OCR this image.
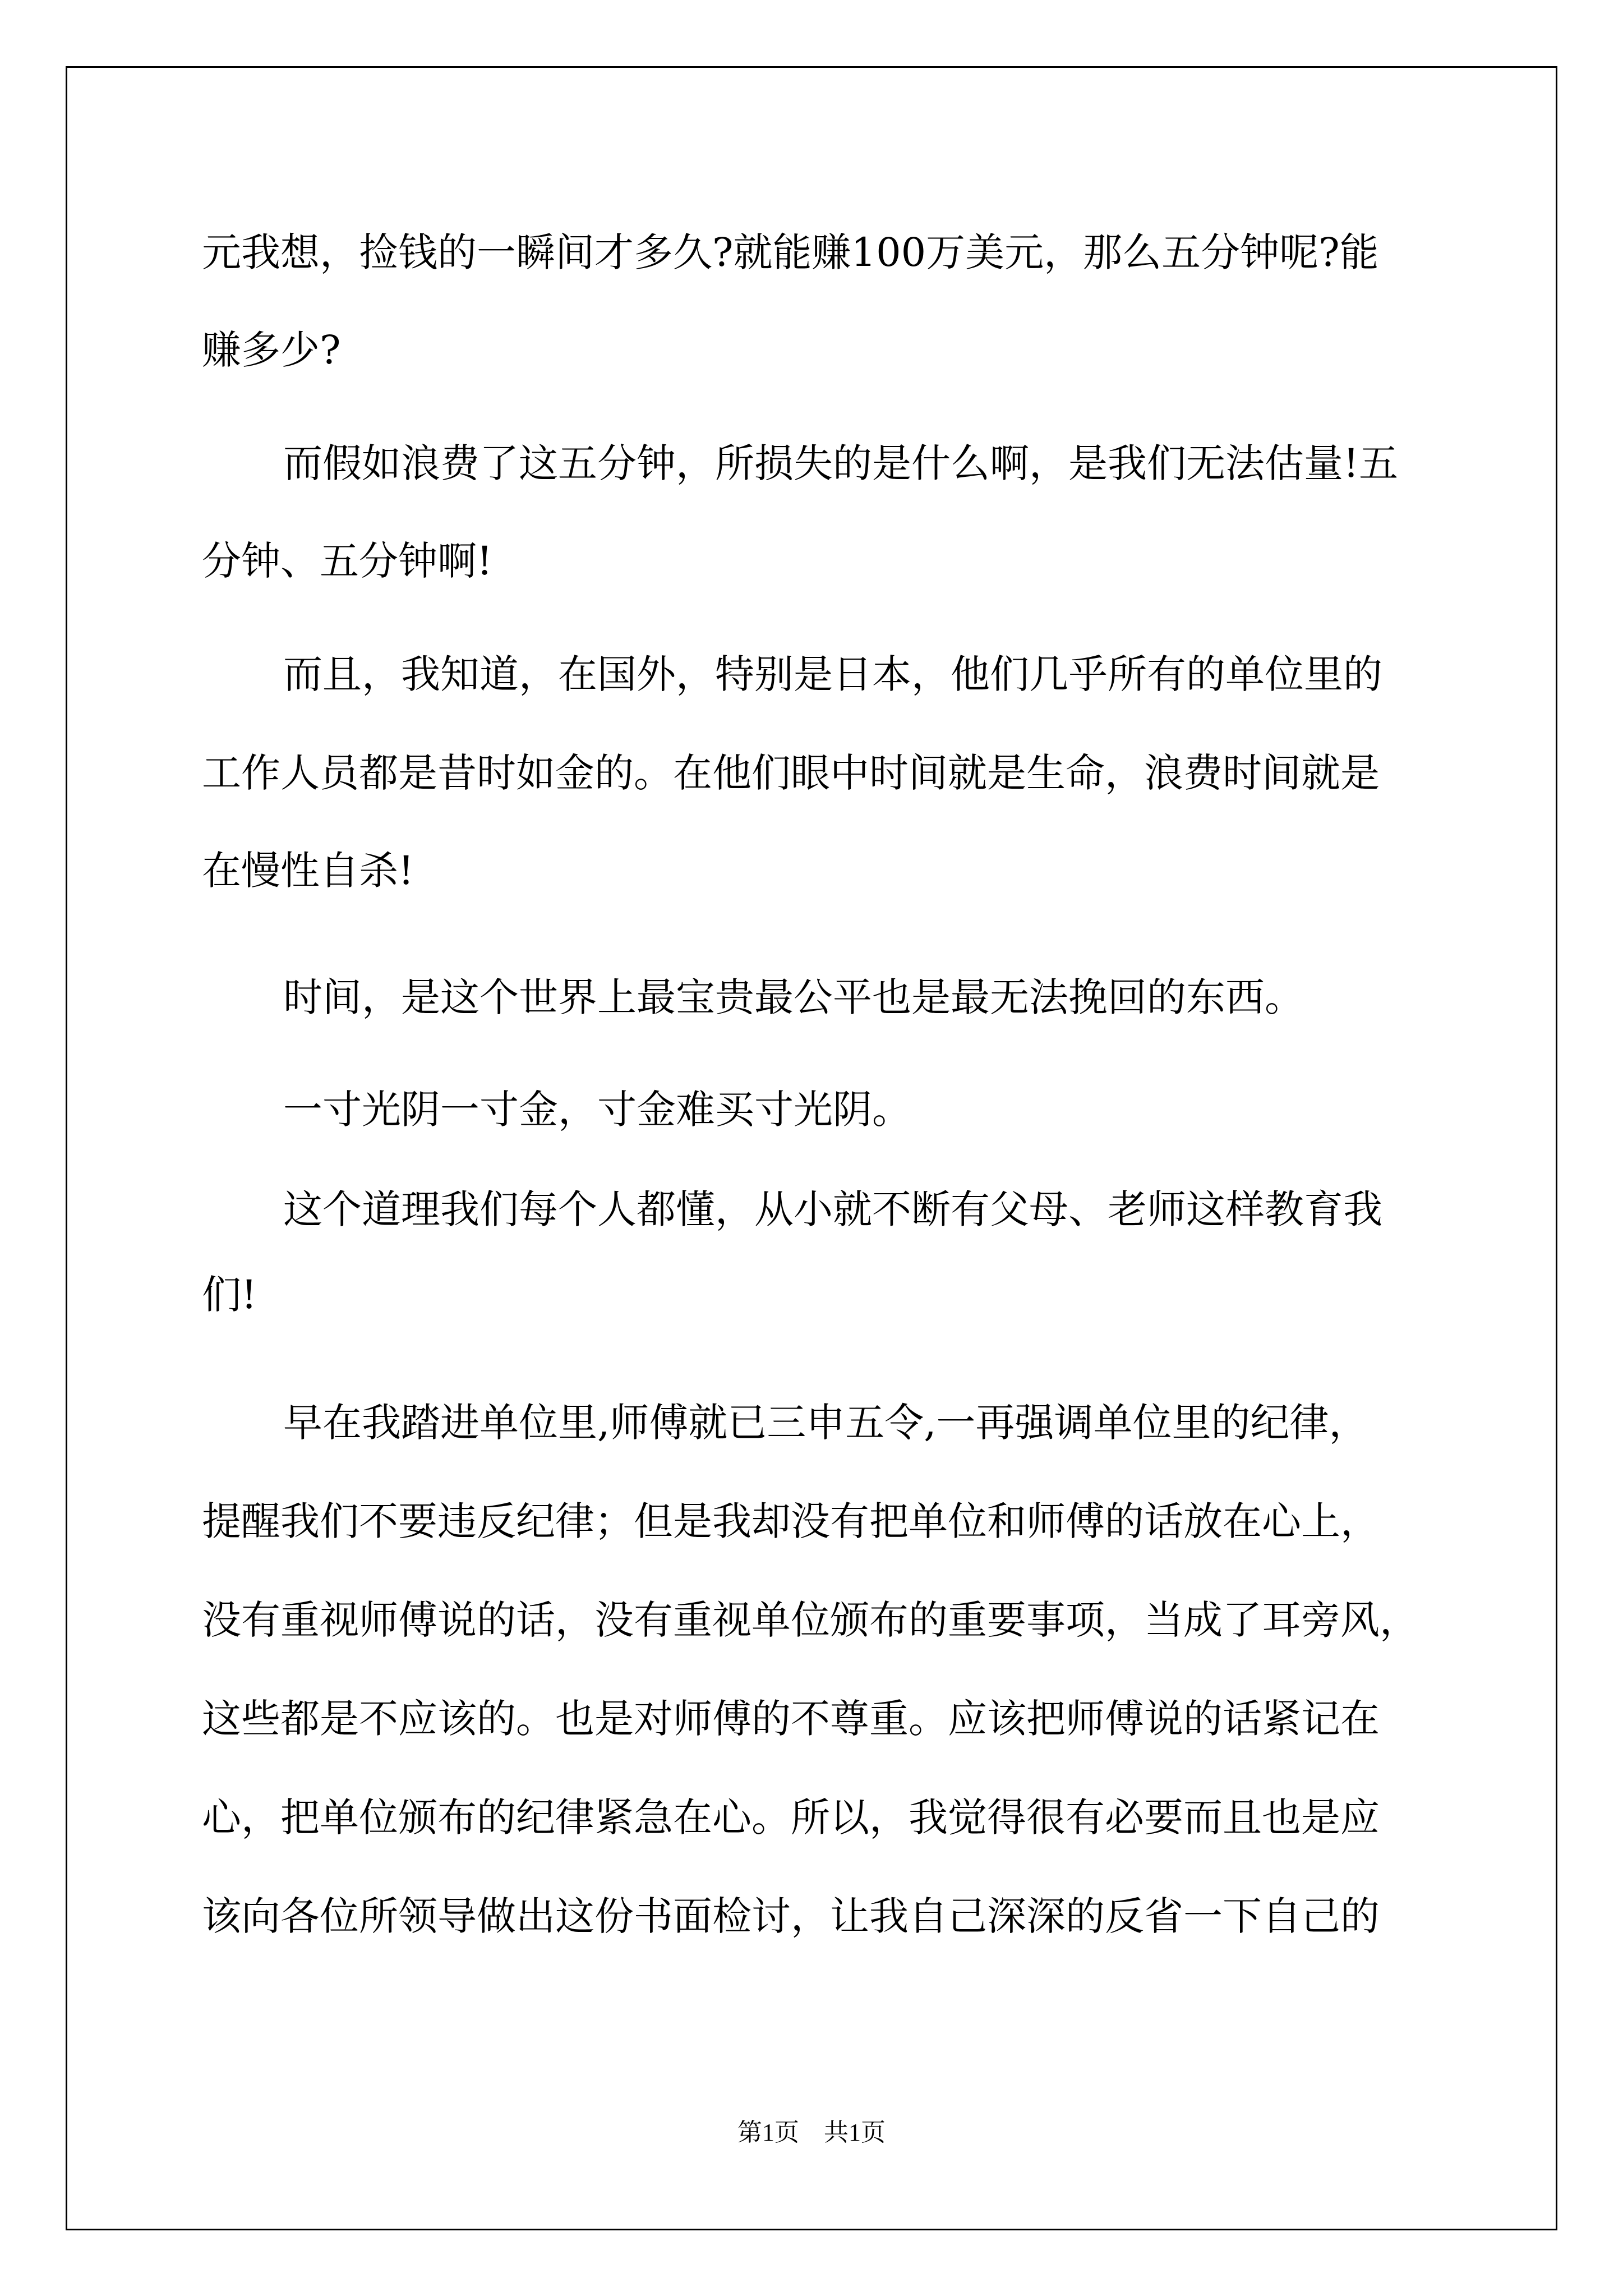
元我想，捡钱的一瞬间才多久?就能赚100万美元，那么五分钟呢?能

赚多少?

而假如浪费了这五分钟，所损失的是什么啊，是我们无法估量!五

分钟、五分钟啊!

而且，我知道，在国外，特别是日本，他们几乎所有的单位里的

工作人员都是昔时如金的。在他们眼中时间就是生命，浪费时间就是

在慢性自杀!

时间，是这个世界上最宝贵最公平也是最无法挽回的东西。

一寸光阴一寸金，寸金难买寸光阴。

这个道理我们每个人都懂，从小就不断有父母、老师这样教育我

们!

早在我踏进单位里,师傅就已三申五令,一再强调单位里的纪律，

提醒我们不要违反纪律；但是我却没有把单位和师傅的话放在心上，

没有重视师傅说的话，没有重视单位颁布的重要事项，当成了耳旁风，

这些都是不应该的。也是对师傅的不尊重。应该把师傅说的话紧记在

心，把单位颁布的纪律紧急在心。所以，我觉得很有必要而且也是应

该向各位所领导做出这份书面检讨，让我自己深深的反省一下自己的

第1页　共1页
